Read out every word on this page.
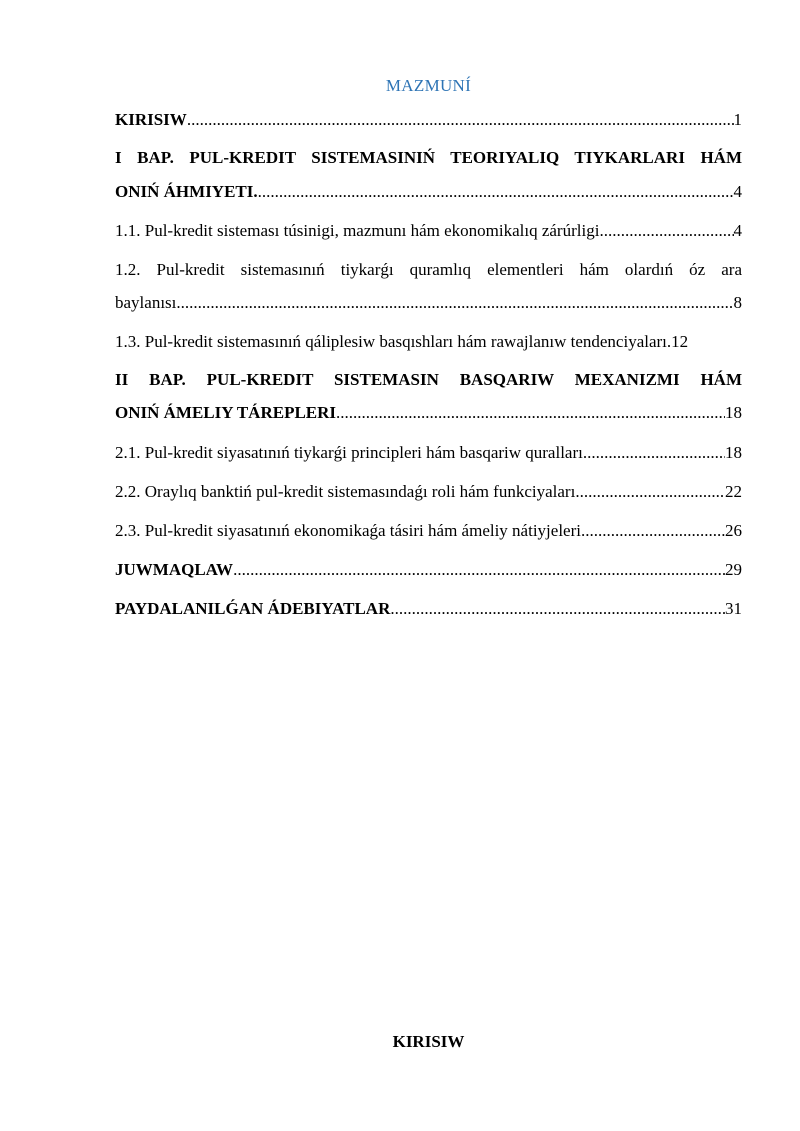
MAZMUNÍ
KIRISIW .....	1
I BAP. PUL-KREDIT SISTEMASINIŃ TEORIYALIQ TIYKARLARI HÁM
ONIŃ ÁHMIYETI. .....	4
1.1. Pul-kredit sisteması túsinigi, mazmunı hám ekonomikalıq zárúrligi .....	4
1.2. Pul-kredit sistemasınıń tiykarǵı quramlıq elementleri hám olardıń óz ara
baylanısı .....	8
1.3. Pul-kredit sistemasınıń qáliplesiw basqıshları hám rawajlanıw tendenciyaları. 12
II BAP. PUL-KREDIT SISTEMASIN BASQARIW MEXANIZMI HÁM
ONIŃ ÁMELIY TÁREPLERI .....	18
2.1. Pul-kredit siyasatınıń tiykarǵi principleri hám basqariw quralları .....	18
2.2. Oraylıq banktiń pul-kredit sistemasındaǵı roli hám funkciyaları .....	22
2.3. Pul-kredit siyasatınıń ekonomikaǵa tásiri hám ámeliy nátiyjeleri .....	26
JUWMAQLAW .....	29
PAYDALANILǴAN ÁDEBIYATLAR .....	31
KIRISIW
